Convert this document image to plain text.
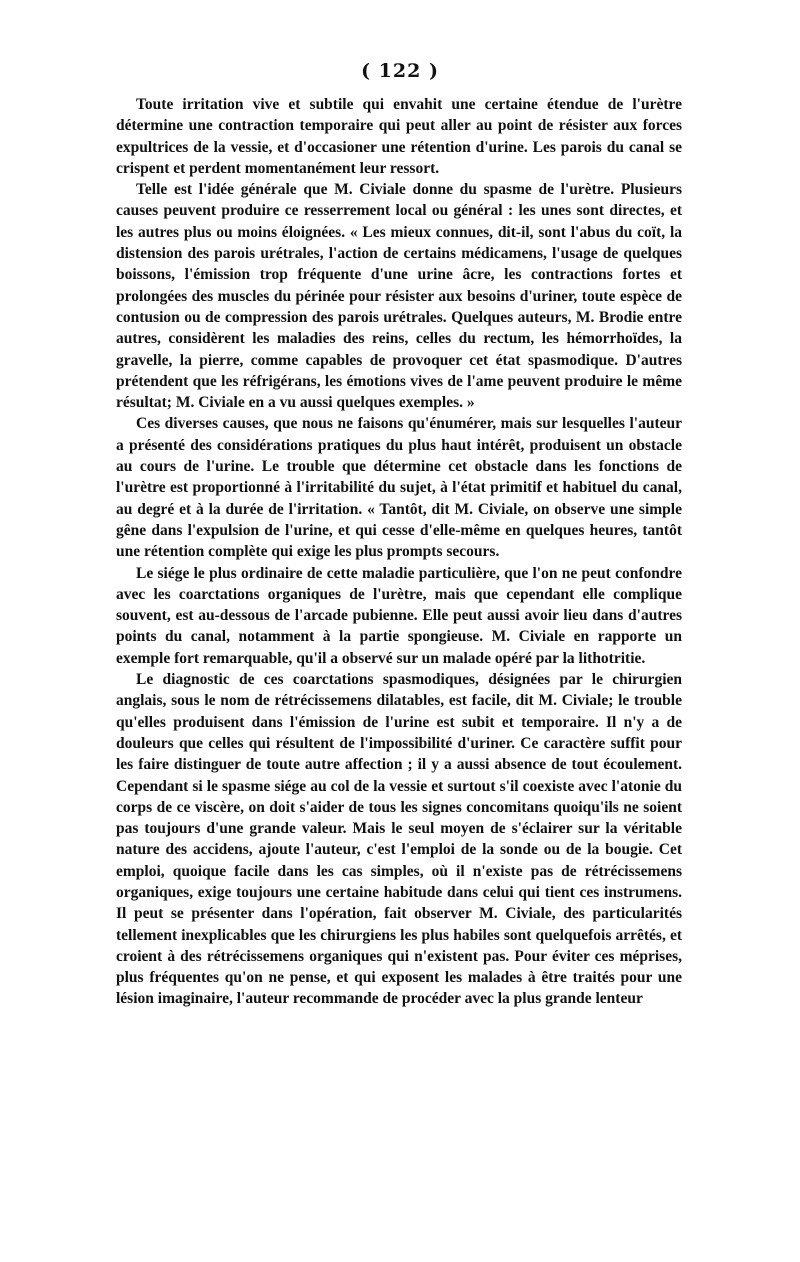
( 122 )

Toute irritation vive et subtile qui envahit une certaine étendue de l'urètre détermine une contraction temporaire qui peut aller au point de résister aux forces expultrices de la vessie, et d'occasioner une rétention d'urine. Les parois du canal se crispent et perdent momentanément leur ressort.

Telle est l'idée générale que M. Civiale donne du spasme de l'urètre. Plusieurs causes peuvent produire ce resserrement local ou général : les unes sont directes, et les autres plus ou moins éloignées. « Les mieux connues, dit-il, sont l'abus du coït, la distension des parois urétrales, l'action de certains médicamens, l'usage de quelques boissons, l'émission trop fréquente d'une urine âcre, les contractions fortes et prolongées des muscles du périnée pour résister aux besoins d'uriner, toute espèce de contusion ou de compression des parois urétrales. Quelques auteurs, M. Brodie entre autres, considèrent les maladies des reins, celles du rectum, les hémorrhoïdes, la gravelle, la pierre, comme capables de provoquer cet état spasmodique. D'autres prétendent que les réfrigérans, les émotions vives de l'ame peuvent produire le même résultat; M. Civiale en a vu aussi quelques exemples. »

Ces diverses causes, que nous ne faisons qu'énumérer, mais sur lesquelles l'auteur a présenté des considérations pratiques du plus haut intérêt, produisent un obstacle au cours de l'urine. Le trouble que détermine cet obstacle dans les fonctions de l'urètre est proportionné à l'irritabilité du sujet, à l'état primitif et habituel du canal, au degré et à la durée de l'irritation. « Tantôt, dit M. Civiale, on observe une simple gêne dans l'expulsion de l'urine, et qui cesse d'elle-même en quelques heures, tantôt une rétention complète qui exige les plus prompts secours.

Le siége le plus ordinaire de cette maladie particulière, que l'on ne peut confondre avec les coarctations organiques de l'urètre, mais que cependant elle complique souvent, est au-dessous de l'arcade pubienne. Elle peut aussi avoir lieu dans d'autres points du canal, notamment à la partie spongieuse. M. Civiale en rapporte un exemple fort remarquable, qu'il a observé sur un malade opéré par la lithotritie.

Le diagnostic de ces coarctations spasmodiques, désignées par le chirurgien anglais, sous le nom de rétrécissemens dilatables, est facile, dit M. Civiale; le trouble qu'elles produisent dans l'émission de l'urine est subit et temporaire. Il n'y a de douleurs que celles qui résultent de l'impossibilité d'uriner. Ce caractère suffit pour les faire distinguer de toute autre affection ; il y a aussi absence de tout écoulement. Cependant si le spasme siége au col de la vessie et surtout s'il coexiste avec l'atonie du corps de ce viscère, on doit s'aider de tous les signes concomitans quoiqu'ils ne soient pas toujours d'une grande valeur. Mais le seul moyen de s'éclairer sur la véritable nature des accidens, ajoute l'auteur, c'est l'emploi de la sonde ou de la bougie. Cet emploi, quoique facile dans les cas simples, où il n'existe pas de rétrécissemens organiques, exige toujours une certaine habitude dans celui qui tient ces instrumens. Il peut se présenter dans l'opération, fait observer M. Civiale, des particularités tellement inexplicables que les chirurgiens les plus habiles sont quelquefois arrêtés, et croient à des rétrécissemens organiques qui n'existent pas. Pour éviter ces méprises, plus fréquentes qu'on ne pense, et qui exposent les malades à être traités pour une lésion imaginaire, l'auteur recommande de procéder avec la plus grande lenteur
